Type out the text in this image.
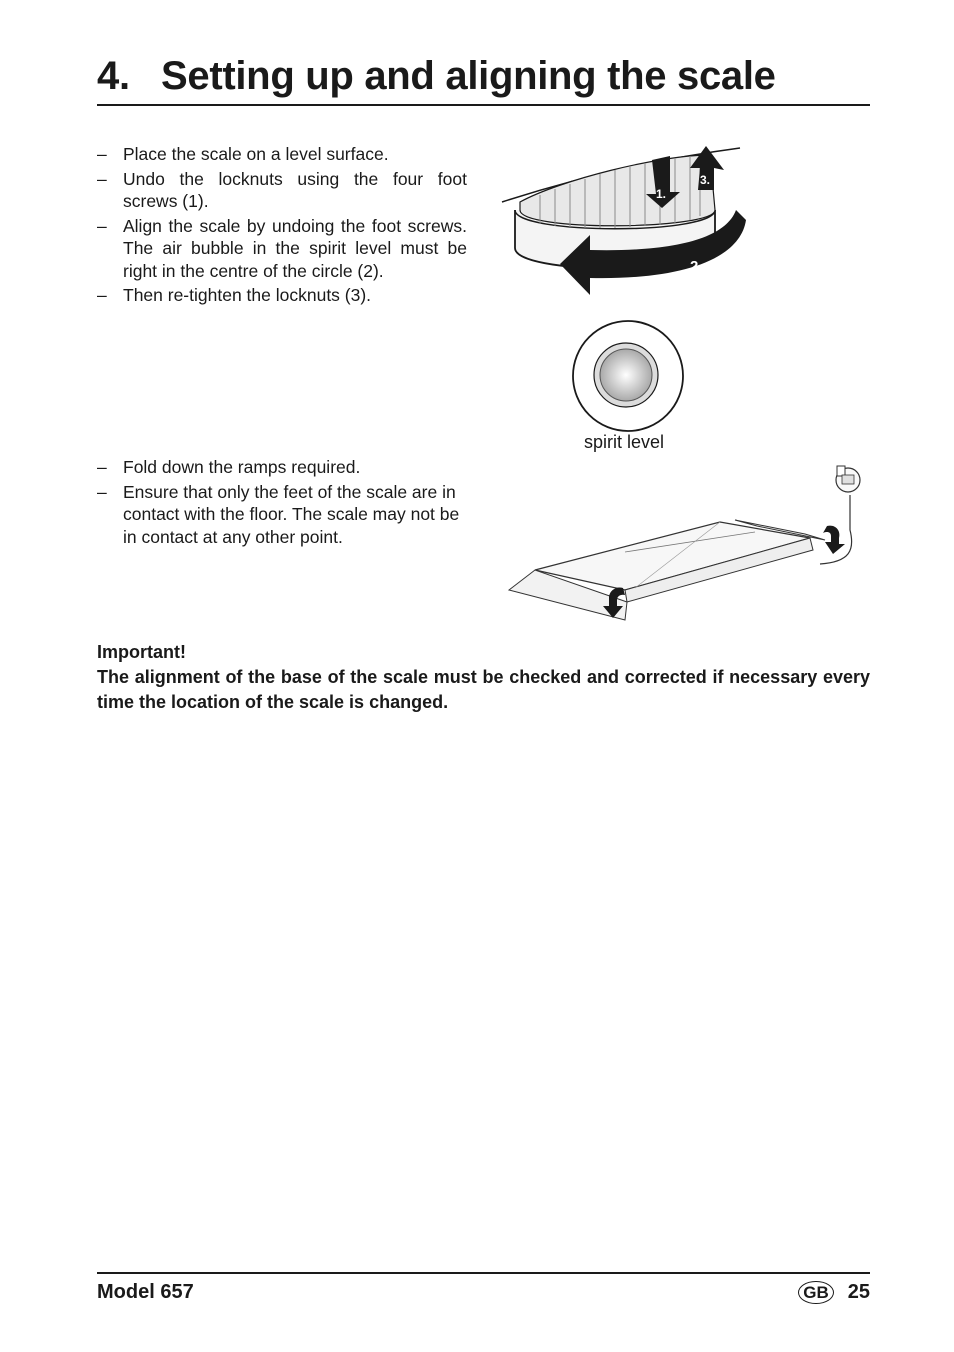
4. Setting up and aligning the scale
– Place the scale on a level surface.
– Undo the locknuts using the four foot screws (1).
– Align the scale by undoing the foot screws. The air bubble in the spirit level must be right in the centre of the circle (2).
– Then re-tighten the locknuts (3).
1.
3.
2.
spirit level
– Fold down the ramps required.
– Ensure that only the feet of the scale are in contact with the floor. The scale may not be in contact at any other point.
Important!
The alignment of the base of the scale must be checked and corrected if necessary every time the location of the scale is changed.
Model 657	GB 25
